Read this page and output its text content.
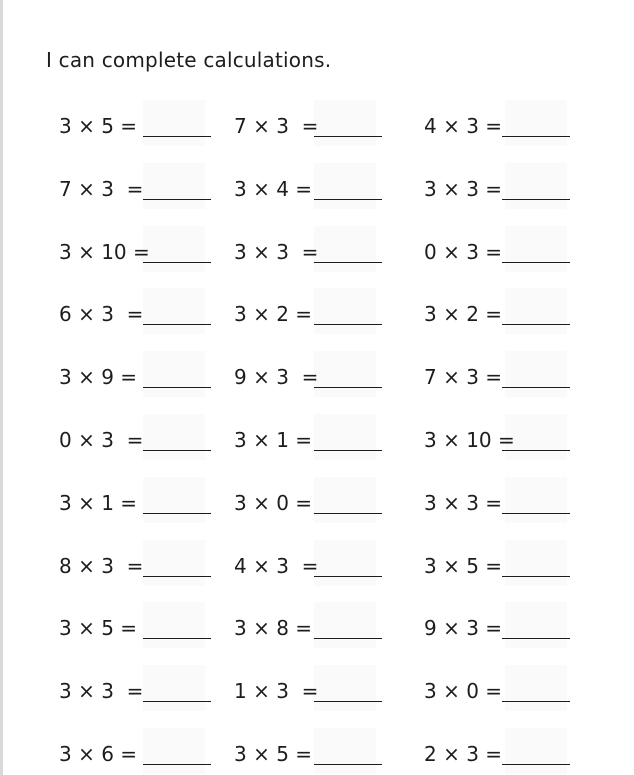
I can complete calculations.
3 × 5 =
7 × 3  =
3 × 10 =
6 × 3  =
3 × 9 =
0 × 3  =
3 × 1 =
8 × 3  =
3 × 5 =
3 × 3  =
3 × 6 =
7 × 3  =
3 × 4 =
3 × 3  =
3 × 2 =
9 × 3  =
3 × 1 =
3 × 0 =
4 × 3  =
3 × 8 =
1 × 3  =
3 × 5 =
4 × 3 =
3 × 3 =
0 × 3 =
3 × 2 =
7 × 3 =
3 × 10 =
3 × 3 =
3 × 5 =
9 × 3 =
3 × 0 =
2 × 3 =
